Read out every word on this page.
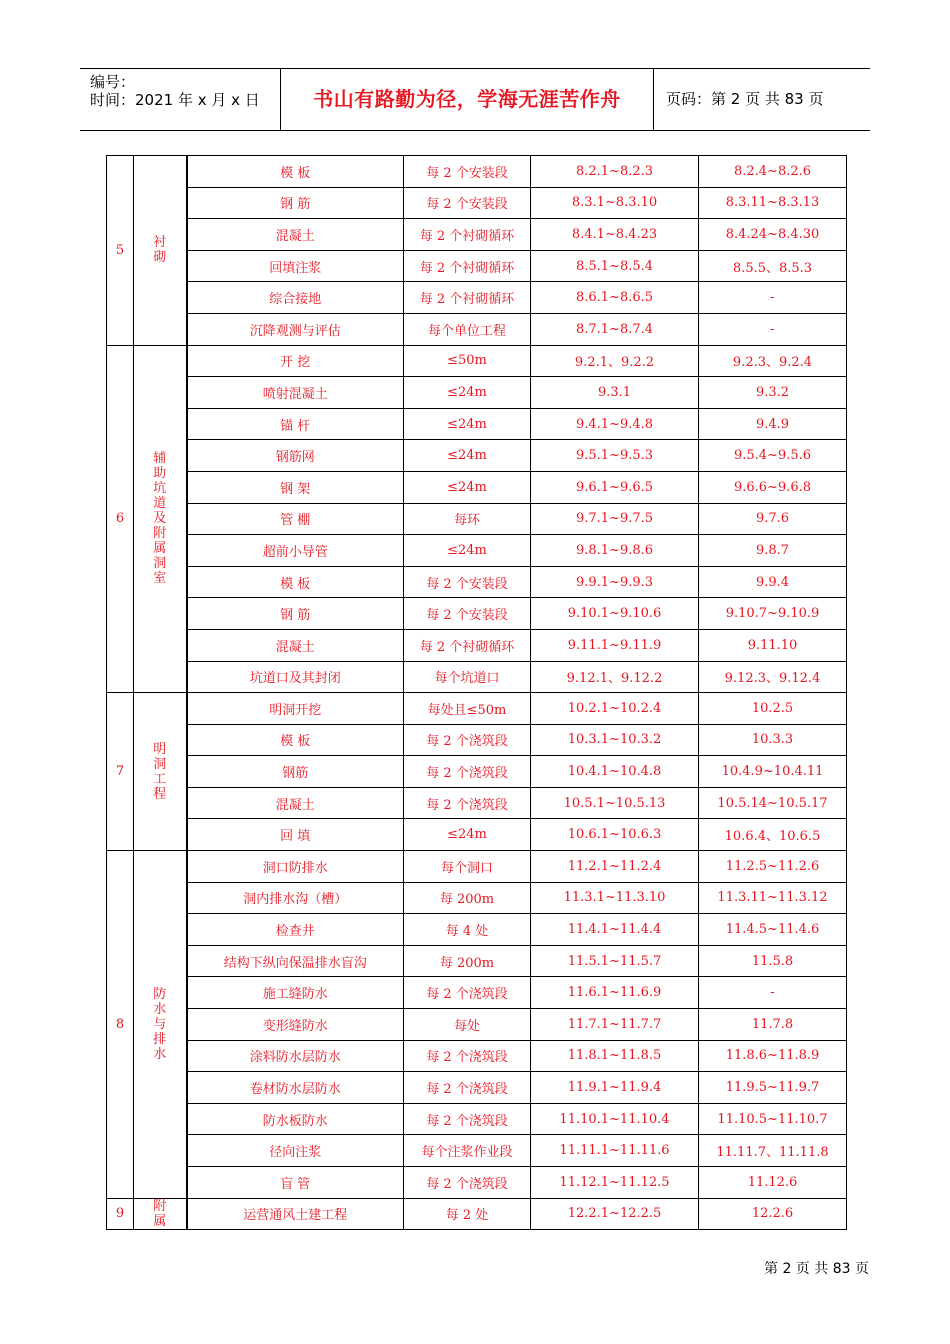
编号：
时间：2021 年 x 月 x 日	书山有路勤为径，学海无涯苦作舟	页码：第 2 页 共 83 页
5	衬砌	模 板	每 2 个安装段	8.2.1~8.2.3	8.2.4~8.2.6
		钢 筋	每 2 个安装段	8.3.1~8.3.10	8.3.11~8.3.13
		混凝土	每 2 个衬砌循环	8.4.1~8.4.23	8.4.24~8.4.30
		回填注浆	每 2 个衬砌循环	8.5.1~8.5.4	8.5.5、8.5.3
		综合接地	每 2 个衬砌循环	8.6.1~8.6.5	-
		沉降观测与评估	每个单位工程	8.7.1~8.7.4	-
6	辅助坑道及附属洞室	开 挖	≤50m	9.2.1、9.2.2	9.2.3、9.2.4
		喷射混凝土	≤24m	9.3.1	9.3.2
		锚 杆	≤24m	9.4.1~9.4.8	9.4.9
		钢筋网	≤24m	9.5.1~9.5.3	9.5.4~9.5.6
		钢 架	≤24m	9.6.1~9.6.5	9.6.6~9.6.8
		管 棚	每环	9.7.1~9.7.5	9.7.6
		超前小导管	≤24m	9.8.1~9.8.6	9.8.7
		模 板	每 2 个安装段	9.9.1~9.9.3	9.9.4
		钢 筋	每 2 个安装段	9.10.1~9.10.6	9.10.7~9.10.9
		混凝土	每 2 个衬砌循环	9.11.1~9.11.9	9.11.10
		坑道口及其封闭	每个坑道口	9.12.1、9.12.2	9.12.3、9.12.4
7	明洞工程	明洞开挖	每处且≤50m	10.2.1~10.2.4	10.2.5
		模 板	每 2 个浇筑段	10.3.1~10.3.2	10.3.3
		钢筋	每 2 个浇筑段	10.4.1~10.4.8	10.4.9~10.4.11
		混凝土	每 2 个浇筑段	10.5.1~10.5.13	10.5.14~10.5.17
		回 填	≤24m	10.6.1~10.6.3	10.6.4、10.6.5
8	防水与排水	洞口防排水	每个洞口	11.2.1~11.2.4	11.2.5~11.2.6
		洞内排水沟（槽）	每 200m	11.3.1~11.3.10	11.3.11~11.3.12
		检查井	每 4 处	11.4.1~11.4.4	11.4.5~11.4.6
		结构下纵向保温排水盲沟	每 200m	11.5.1~11.5.7	11.5.8
		施工缝防水	每 2 个浇筑段	11.6.1~11.6.9	-
		变形缝防水	每处	11.7.1~11.7.7	11.7.8
		涂料防水层防水	每 2 个浇筑段	11.8.1~11.8.5	11.8.6~11.8.9
		卷材防水层防水	每 2 个浇筑段	11.9.1~11.9.4	11.9.5~11.9.7
		防水板防水	每 2 个浇筑段	11.10.1~11.10.4	11.10.5~11.10.7
		径向注浆	每个注浆作业段	11.11.1~11.11.6	11.11.7、11.11.8
		盲 管	每 2 个浇筑段	11.12.1~11.12.5	11.12.6
9	附属	运营通风土建工程	每 2 处	12.2.1~12.2.5	12.2.6
第 2 页 共 83 页
